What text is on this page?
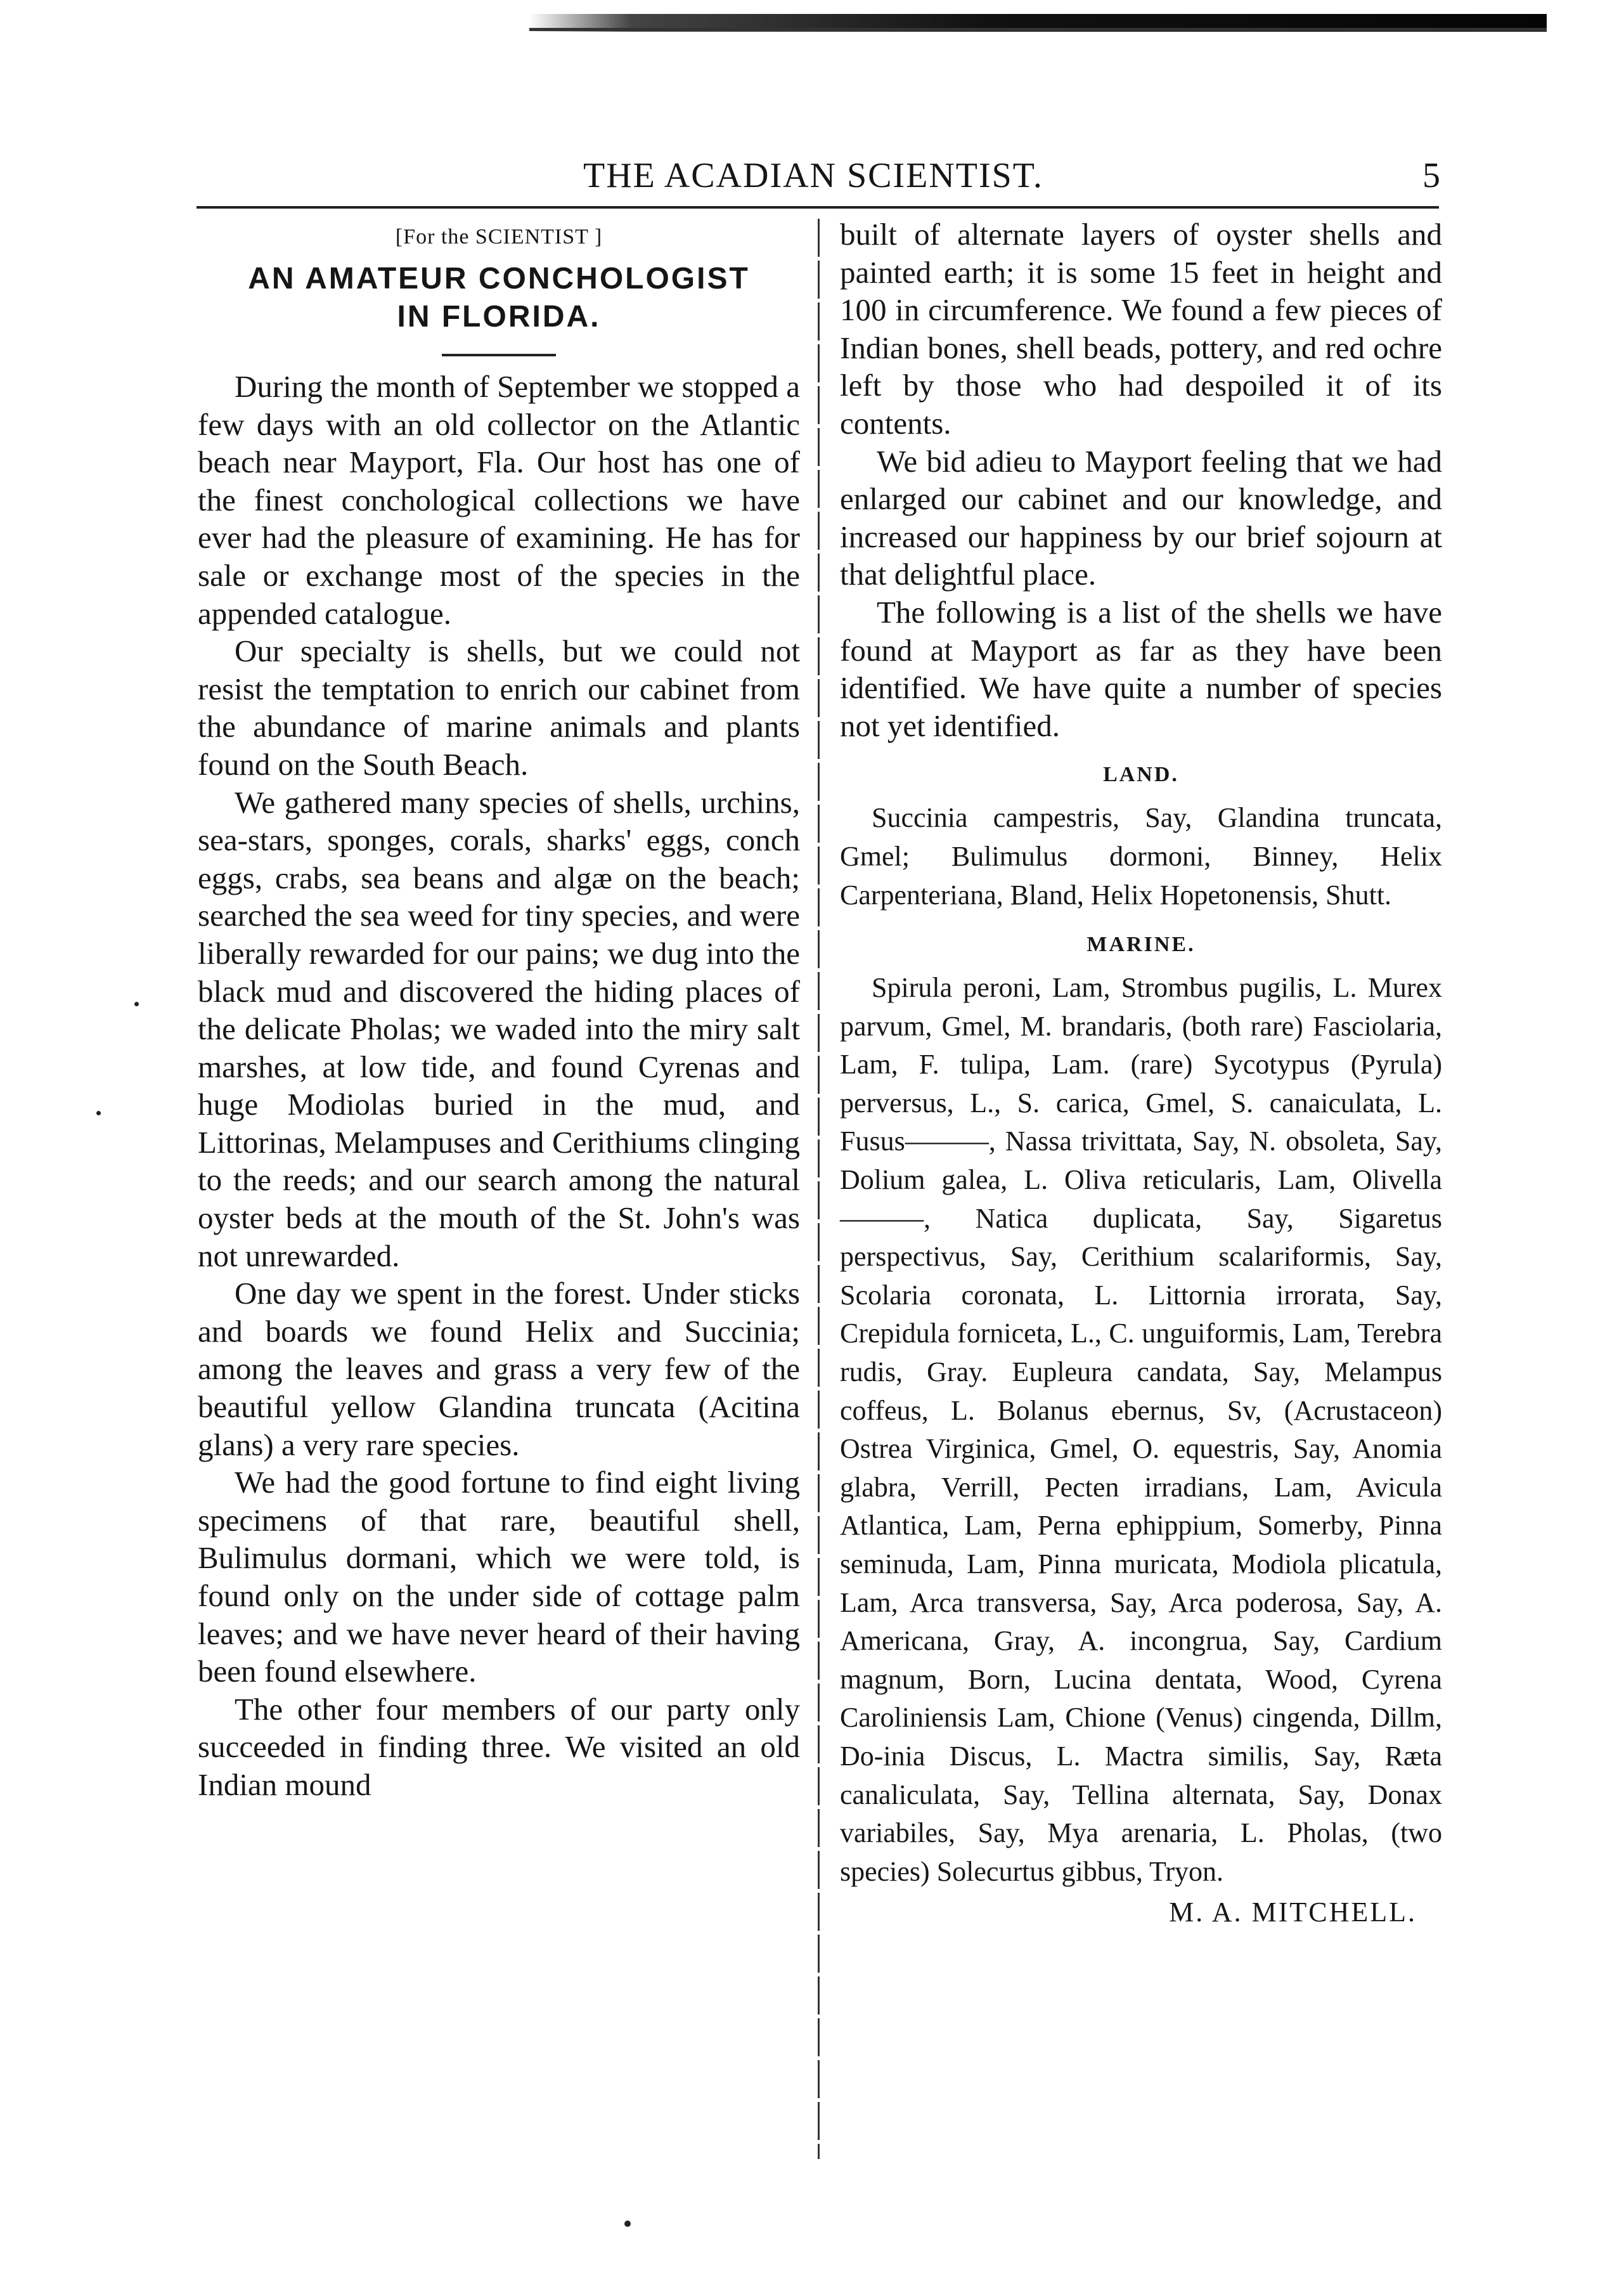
THE ACADIAN SCIENTIST.	5
[For the SCIENTIST ]
AN AMATEUR CONCHOLOGIST
IN FLORIDA.

During the month of September we stopped a few days with an old collector on the Atlantic beach near Mayport, Fla. Our host has one of the finest conchological collections we have ever had the pleasure of examining. He has for sale or exchange most of the species in the appended catalogue.

Our specialty is shells, but we could not resist the temptation to enrich our cabinet from the abundance of marine animals and plants found on the South Beach.

We gathered many species of shells, urchins, sea-stars, sponges, corals, sharks' eggs, conch eggs, crabs, sea beans and algæ on the beach; searched the sea weed for tiny species, and were liberally rewarded for our pains; we dug into the black mud and discovered the hiding places of the delicate Pholas; we waded into the miry salt marshes, at low tide, and found Cyrenas and huge Modiolas buried in the mud, and Littorinas, Melampuses and Cerithiums clinging to the reeds; and our search among the natural oyster beds at the mouth of the St. John's was not unrewarded.

One day we spent in the forest. Under sticks and boards we found Helix and Succinia; among the leaves and grass a very few of the beautiful yellow Glandina truncata (Acitina glans) a very rare species.

We had the good fortune to find eight living specimens of that rare, beautiful shell, Bulimulus dormani, which we were told, is found only on the under side of cottage palm leaves; and we have never heard of their having been found elsewhere.

The other four members of our party only succeeded in finding three. We visited an old Indian mound

built of alternate layers of oyster shells and painted earth; it is some 15 feet in height and 100 in circumference. We found a few pieces of Indian bones, shell beads, pottery, and red ochre left by those who had despoiled it of its contents.

We bid adieu to Mayport feeling that we had enlarged our cabinet and our knowledge, and increased our happiness by our brief sojourn at that delightful place.

The following is a list of the shells we have found at Mayport as far as they have been identified. We have quite a number of species not yet identified.

LAND.

Succinia campestris, Say, Glandina truncata, Gmel; Bulimulus dormoni, Binney, Helix Carpenteriana, Bland, Helix Hopetonensis, Shutt.

MARINE.

Spirula peroni, Lam, Strombus pugilis, L. Murex parvum, Gmel, M. brandaris, (both rare) Fasciolaria, Lam, F. tulipa, Lam. (rare) Sycotypus (Pyrula) perversus, L., S. carica, Gmel, S. canaiculata, L. Fusus———, Nassa trivittata, Say, N. obsoleta, Say, Dolium galea, L. Oliva reticularis, Lam, Olivella ———, Natica duplicata, Say, Sigaretus perspectivus, Say, Cerithium scalariformis, Say, Scolaria coronata, L. Littornia irrorata, Say, Crepidula forniceta, L., C. unguiformis, Lam, Terebra rudis, Gray. Eupleura candata, Say, Melampus coffeus, L. Bolanus ebernus, Sv, (Acrustaceon) Ostrea Virginica, Gmel, O. equestris, Say, Anomia glabra, Verrill, Pecten irradians, Lam, Avicula Atlantica, Lam, Perna ephippium, Somerby, Pinna seminuda, Lam, Pinna muricata, Modiola plicatula, Lam, Arca transversa, Say, Arca poderosa, Say, A. Americana, Gray, A. incongrua, Say, Cardium magnum, Born, Lucina dentata, Wood, Cyrena Caroliniensis Lam, Chione (Venus) cingenda, Dillm, Do-inia Discus, L. Mactra similis, Say, Ræta canaliculata, Say, Tellina alternata, Say, Donax variabiles, Say, Mya arenaria, L. Pholas, (two species) Solecurtus gibbus, Tryon.

M. A. MITCHELL.
